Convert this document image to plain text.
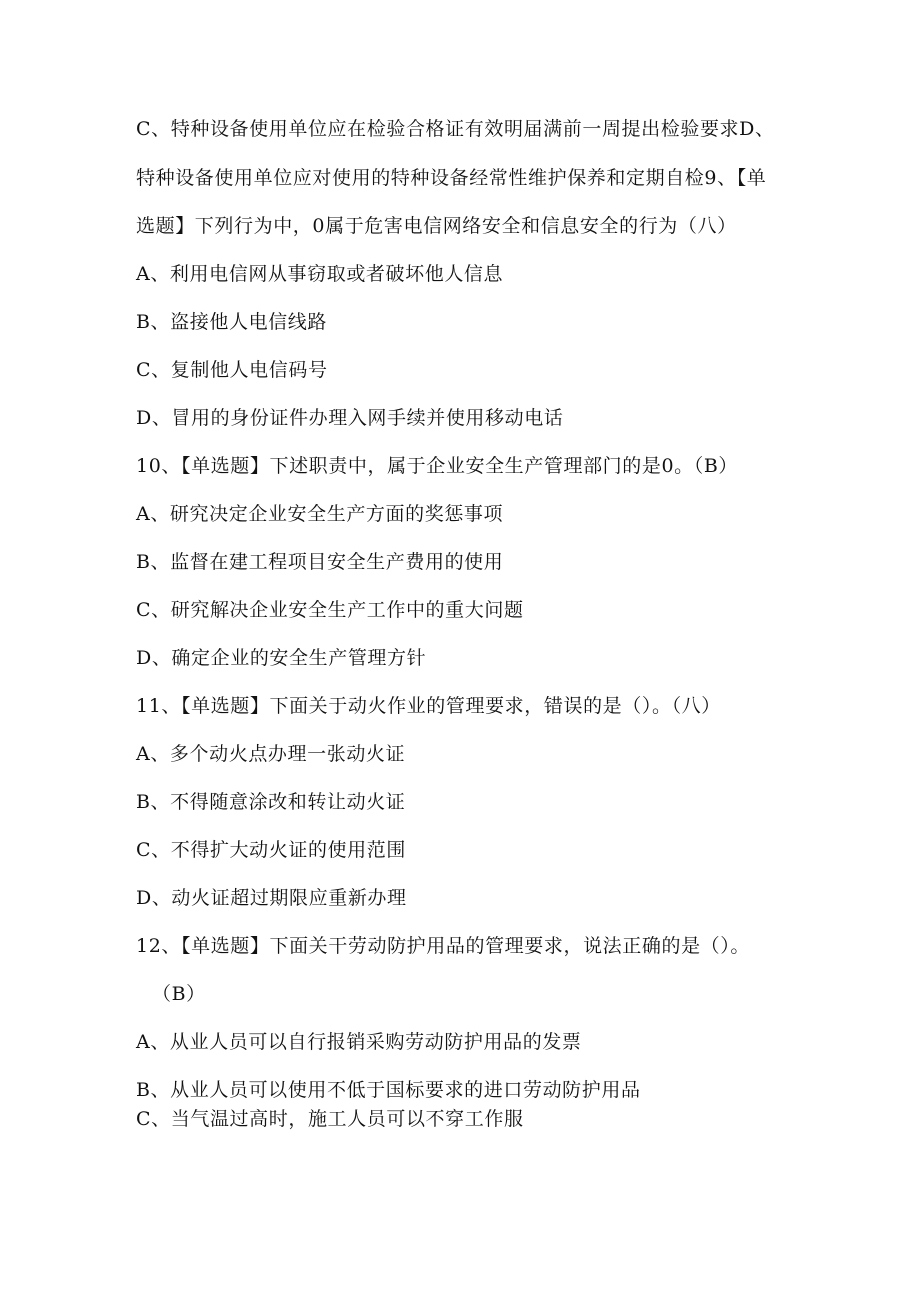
C、特种设备使用单位应在检验合格证有效明届满前一周提出检验要求D、
特种设备使用单位应对使用的特种设备经常性维护保养和定期自检9、【单
选题】下列行为中，0属于危害电信网络安全和信息安全的行为（八）
A、利用电信网从事窃取或者破坏他人信息
B、盗接他人电信线路
C、复制他人电信码号
D、冒用的身份证件办理入网手续并使用移动电话
10、【单选题】下述职责中，属于企业安全生产管理部门的是0。（B）
A、研究决定企业安全生产方面的奖惩事项
B、监督在建工程项目安全生产费用的使用
C、研究解决企业安全生产工作中的重大问题
D、确定企业的安全生产管理方针
11、【单选题】下面关于动火作业的管理要求，错误的是（）。（八）
A、多个动火点办理一张动火证
B、不得随意涂改和转让动火证
C、不得扩大动火证的使用范围
D、动火证超过期限应重新办理
12、【单选题】下面关干劳动防护用品的管理要求，说法正确的是（）。
（B）
A、从业人员可以自行报销采购劳动防护用品的发票
B、从业人员可以使用不低于国标要求的进口劳动防护用品
C、当气温过高时，施工人员可以不穿工作服
